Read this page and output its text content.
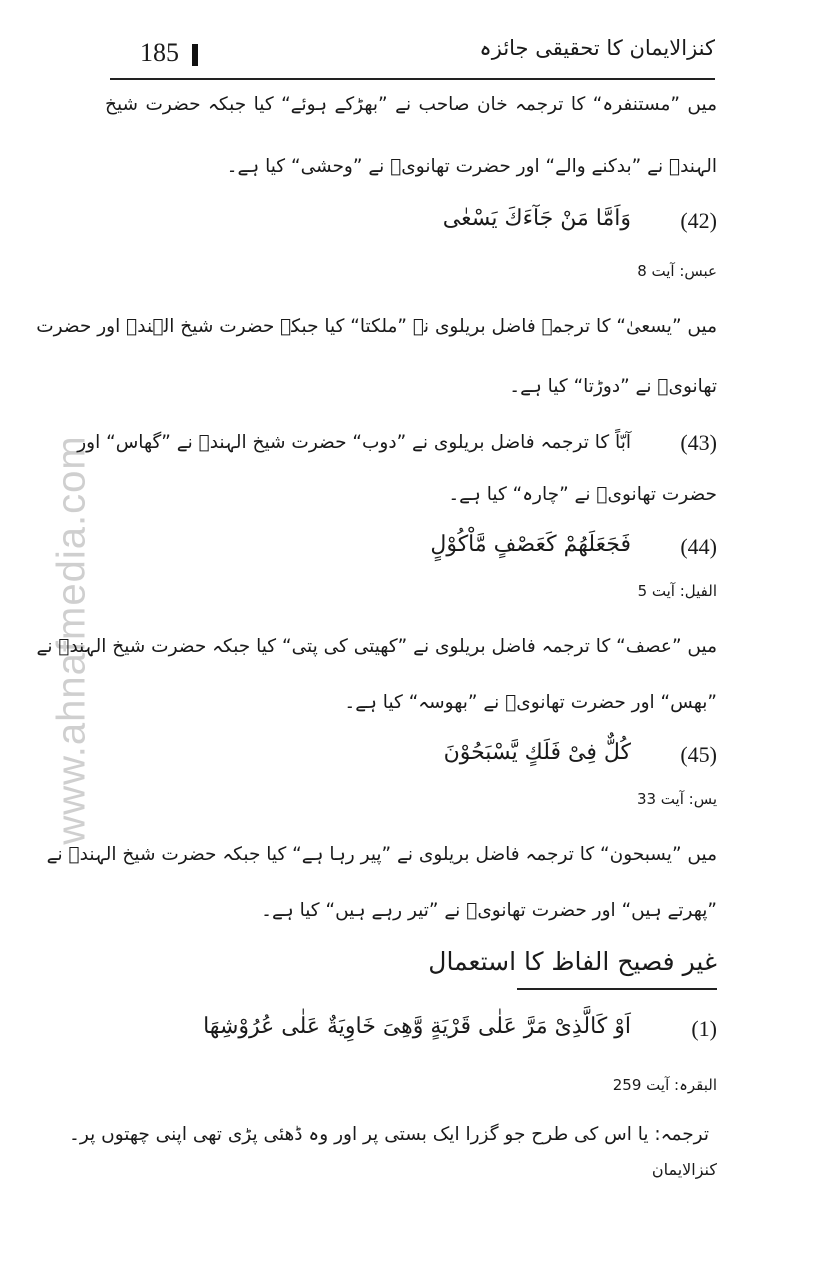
www.ahnafmedia.com
185	کنزالایمان کا تحقیقی جائزہ
میں ”مستنفرہ“ کا ترجمہ خان صاحب نے ”بھڑکے ہوئے“ کیا جبکہ حضرت شیخ
الہندؒ نے ”بدکنے والے“ اور حضرت تھانویؒ نے ”وحشی“ کیا ہے۔
(42)
وَاَمَّا مَنْ جَآءَكَ يَسْعٰى
عبس: آیت 8
میں ”یسعیٰ“ کا ترجمہ فاضل بریلوی نے ”ملکتا“ کیا جبکہ حضرت شیخ الہندؒ اور حضرت
تھانویؒ نے ”دوڑتا“ کیا ہے۔
(43)
آبّاً کا ترجمہ فاضل بریلوی نے ”دوب“ حضرت شیخ الہندؒ نے ”گھاس“ اور
حضرت تھانویؒ نے ”چارہ“ کیا ہے۔
(44)
فَجَعَلَهُمْ كَعَصْفٍ مَّاْكُوْلٍ
الفیل: آیت 5
میں ”عصف“ کا ترجمہ فاضل بریلوی نے ”کھیتی کی پتی“ کیا جبکہ حضرت شیخ الہندؒ نے
”بھس“ اور حضرت تھانویؒ نے ”بھوسہ“ کیا ہے۔
(45)
كُلٌّ فِىْ فَلَكٍ يَّسْبَحُوْنَ
یس: آیت 33
میں ”یسبحون“ کا ترجمہ فاضل بریلوی نے ”پیر رہا ہے“ کیا جبکہ حضرت شیخ الہندؒ نے
”پھرتے ہیں“ اور حضرت تھانویؒ نے ”تیر رہے ہیں“ کیا ہے۔
غیر فصیح الفاظ کا استعمال
(1)
اَوْ كَالَّذِىْ مَرَّ عَلٰى قَرْيَةٍ وَّهِىَ خَاوِيَةٌ عَلٰى عُرُوْشِهَا
البقرہ: آیت 259
ترجمہ: یا اس کی طرح جو گزرا ایک بستی پر اور وہ ڈھئی پڑی تھی اپنی چھتوں پر۔
کنزالایمان
